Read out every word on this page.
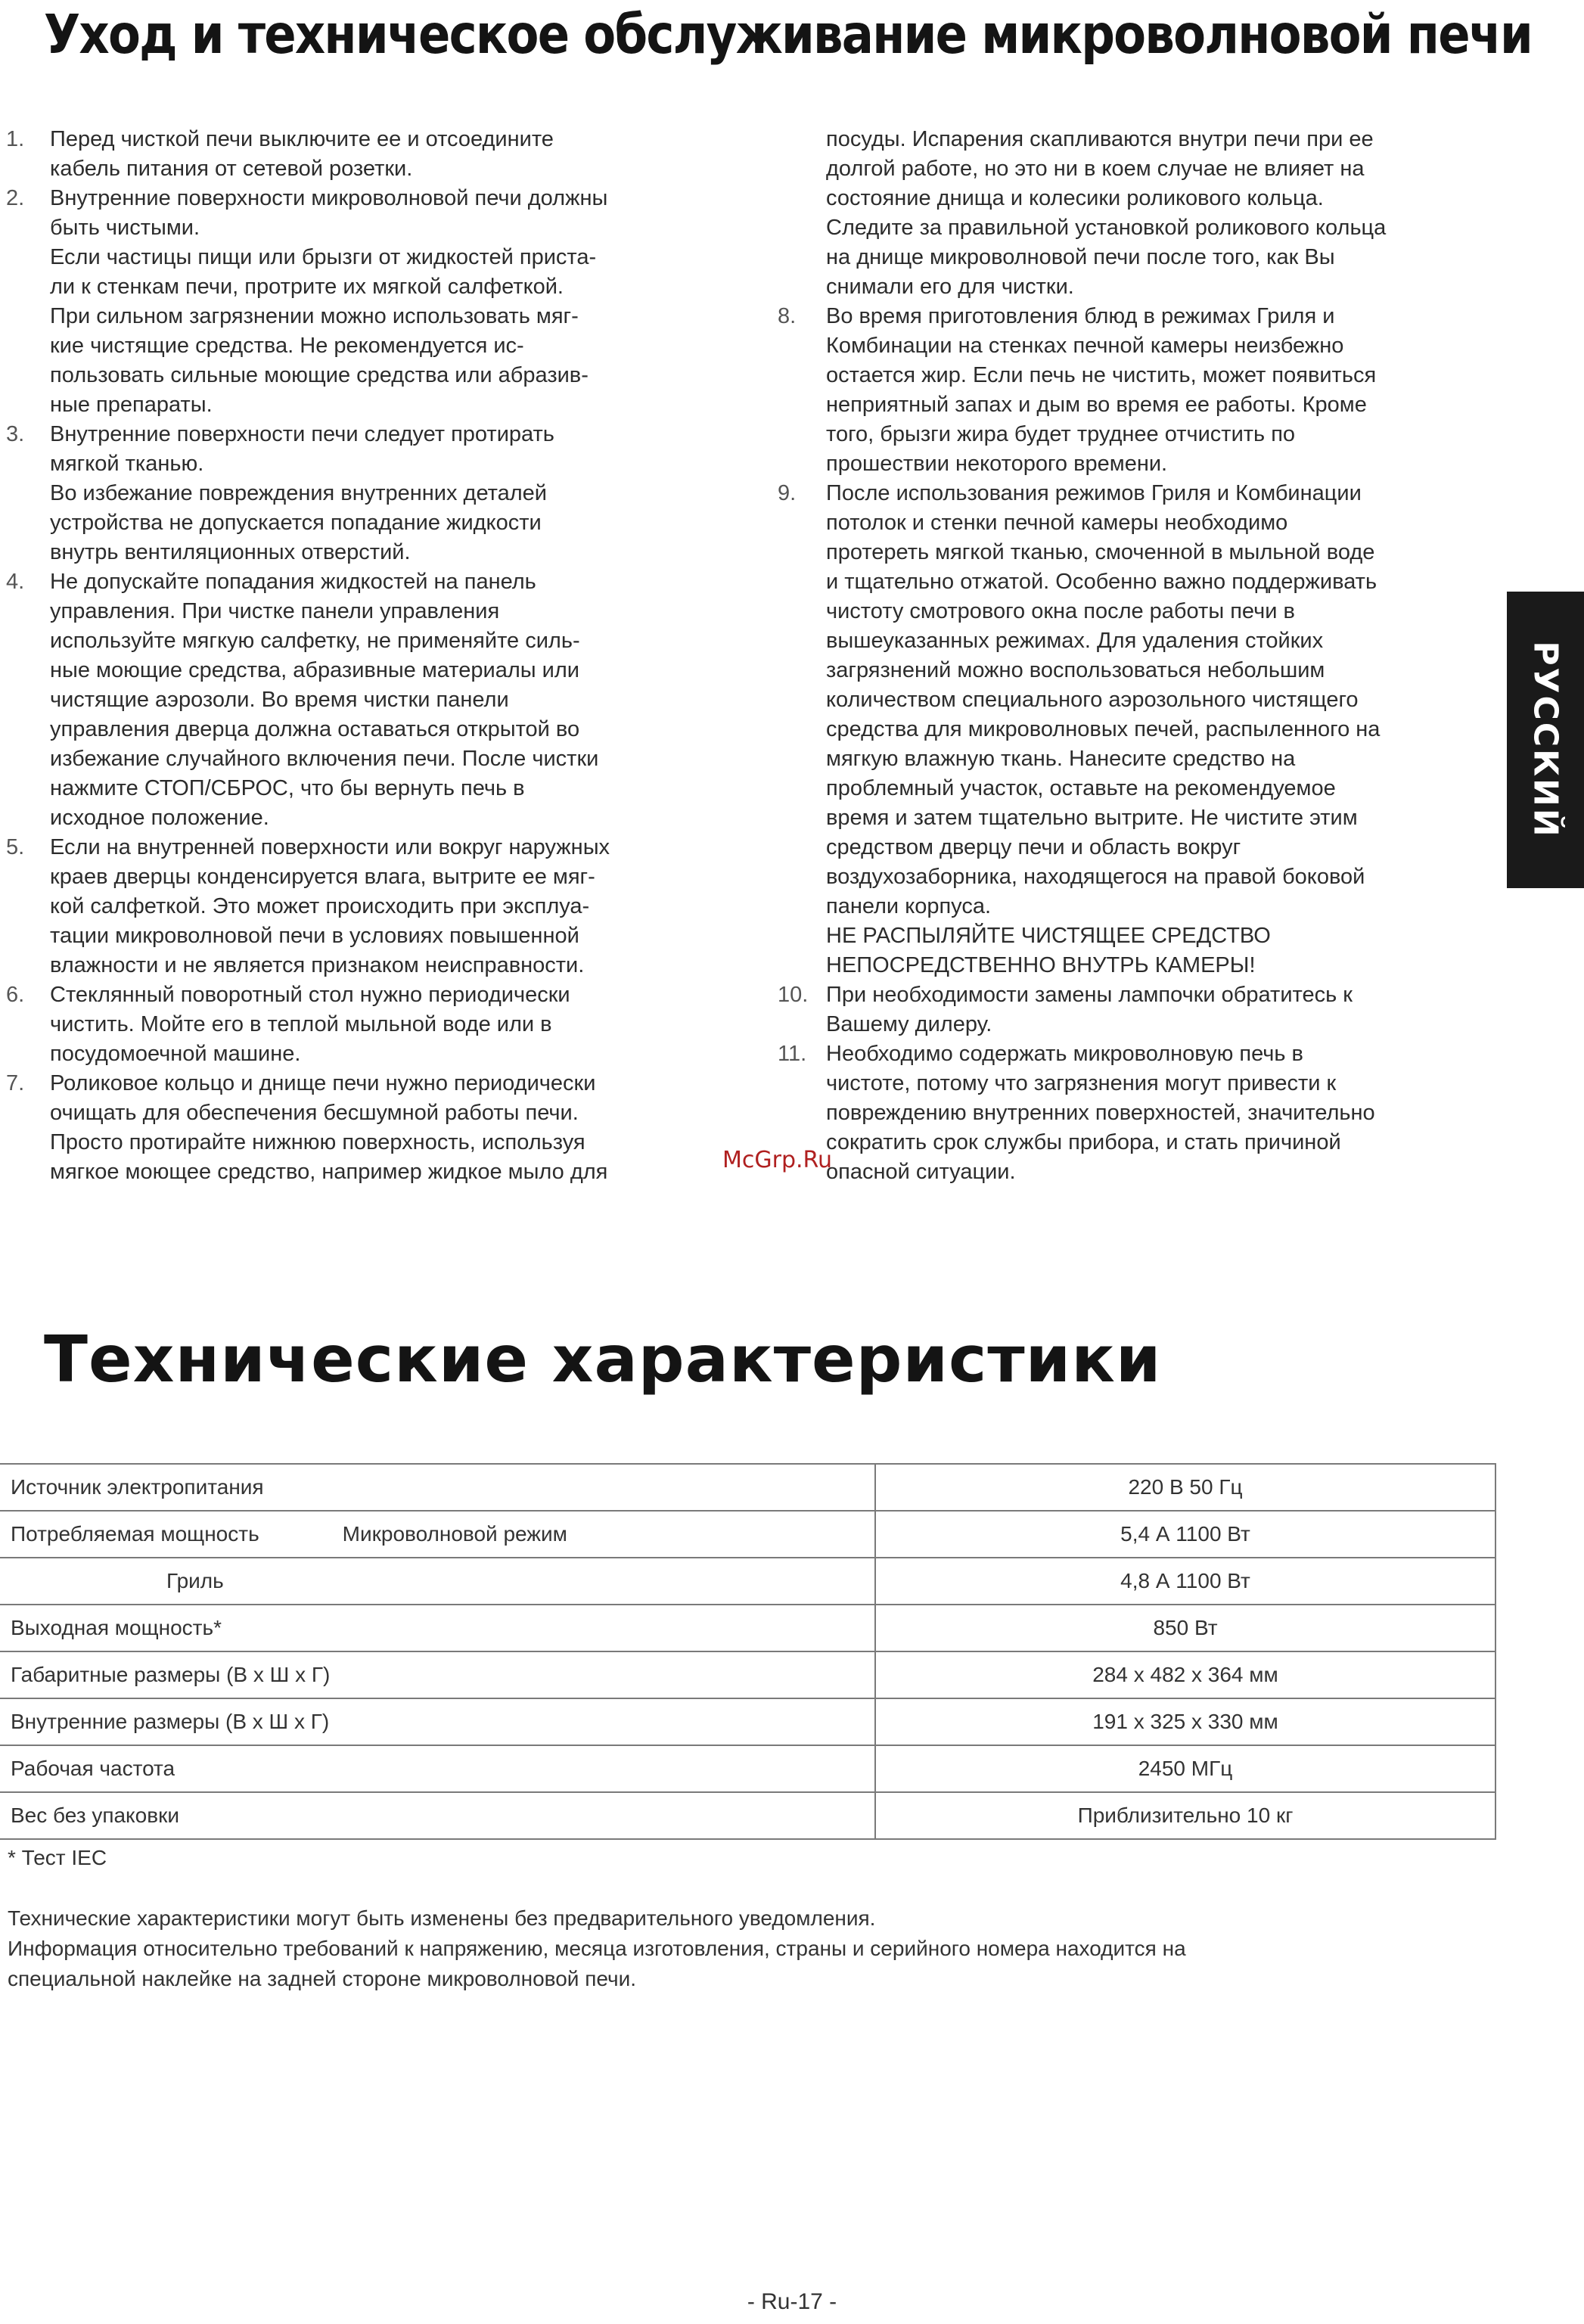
Уход и техническое обслуживание микроволновой печи
1.	Перед чисткой печи выключите ее и отсоедините
кабель питания от сетевой розетки.
2.	Внутренние поверхности микроволновой печи должны
быть чистыми.
Если частицы пищи или брызги от жидкостей приста-
ли к стенкам печи, протрите их мягкой салфеткой.
При сильном загрязнении можно использовать мяг-
кие чистящие средства. Не рекомендуется ис-
пользовать сильные моющие средства или абразив-
ные препараты.
3.	Внутренние поверхности печи следует протирать
мягкой тканью.
Во избежание повреждения внутренних деталей
устройства не допускается попадание жидкости
внутрь вентиляционных отверстий.
4.	Не допускайте попадания жидкостей на панель
управления. При чистке панели управления
используйте мягкую салфетку, не применяйте силь-
ные моющие средства, абразивные материалы или
чистящие аэрозоли. Во время чистки панели
управления дверца должна оставаться открытой во
избежание случайного включения печи. После чистки
нажмите СТОП/СБРОС, что бы вернуть печь в
исходное положение.
5.	Если на внутренней поверхности или вокруг наружных
краев дверцы конденсируется влага, вытрите ее мяг-
кой салфеткой. Это может происходить при эксплуа-
тации микроволновой печи в условиях повышенной
влажности и не является признаком неисправности.
6.	Стеклянный поворотный стол нужно периодически
чистить. Мойте его в теплой мыльной воде или в
посудомоечной машине.
7.	Роликовое кольцо и днище печи нужно периодически
очищать для обеспечения бесшумной работы печи.
Просто протирайте нижнюю поверхность, используя
мягкое моющее средство, например жидкое мыло для
посуды. Испарения скапливаются внутри печи при ее
долгой работе, но это ни в коем случае не влияет на
состояние днища и колесики роликового кольца.
Следите за правильной установкой роликового кольца
на днище микроволновой печи после того, как Вы
снимали его для чистки.
8.	Во время приготовления блюд в режимах Гриля и
Комбинации на стенках печной камеры неизбежно
остается жир. Если печь не чистить, может появиться
неприятный запах и дым во время ее работы. Кроме
того, брызги жира будет труднее отчистить по
прошествии некоторого времени.
9.	После использования режимов Гриля и Комбинации
потолок и стенки печной камеры необходимо
протереть мягкой тканью, смоченной в мыльной воде
и тщательно отжатой. Особенно важно поддерживать
чистоту смотрового окна после работы печи в
вышеуказанных режимах. Для удаления стойких
загрязнений можно воспользоваться небольшим
количеством специального аэрозольного чистящего
средства для микроволновых печей, распыленного на
мягкую влажную ткань. Нанесите средство на
проблемный участок, оставьте на рекомендуемое
время и затем тщательно вытрите. Не чистите этим
средством дверцу печи и область вокруг
воздухозаборника, находящегося на правой боковой
панели корпуса.
НЕ РАСПЫЛЯЙТЕ ЧИСТЯЩЕЕ СРЕДСТВО
НЕПОСРЕДСТВЕННО ВНУТРЬ КАМЕРЫ!
10. При необходимости замены лампочки обратитесь к
Вашему дилеру.
11. Необходимо содержать микроволновую печь в
чистоте, потому что загрязнения могут привести к
повреждению внутренних поверхностей, значительно
сократить срок службы прибора, и стать причиной
опасной ситуации.
РУССКИЙ
McGrp.Ru
Технические характеристики
Источник электропитания	220 В 50 Гц
Потребляемая мощность Микроволновой режим	5,4 А 1100 Вт
Гриль	4,8 А 1100 Вт
Выходная мощность*	850 Вт
Габаритные размеры (В х Ш х Г)	284 x 482 x 364 мм
Внутренние размеры (В х Ш х Г)	191 x 325 x 330 мм
Рабочая частота	2450 МГц
Вес без упаковки	Приблизительно 10 кг
* Тест IEC
Технические характеристики могут быть изменены без предварительного уведомления.
Информация относительно требований к напряжению, месяца изготовления, страны и серийного номера находится на
специальной наклейке на задней стороне микроволновой печи.
- Ru-17 -
